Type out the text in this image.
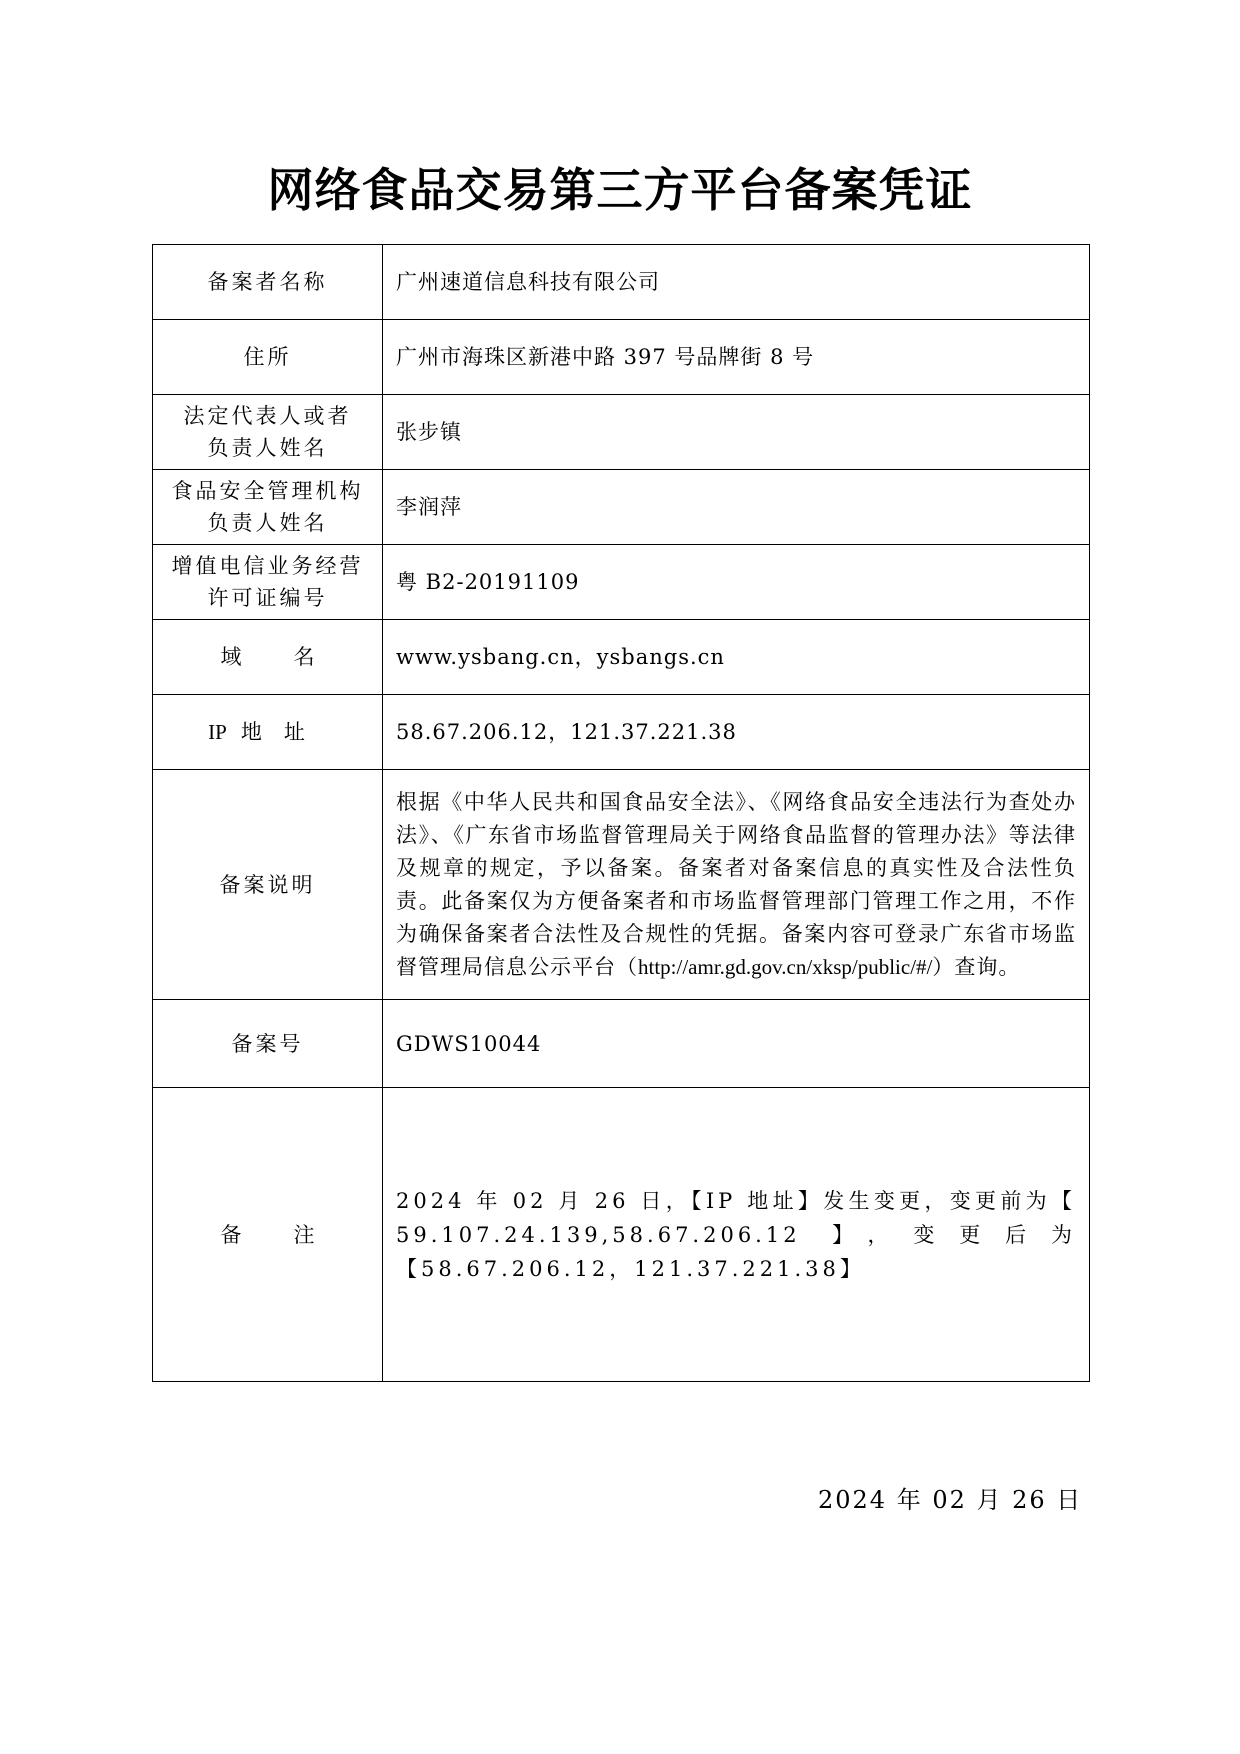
网络食品交易第三方平台备案凭证
备案者名称	广州速道信息科技有限公司
住所	广州市海珠区新港中路 397 号品牌街 8 号

法定代表人或者
负责人姓名	张步镇

食品安全管理机构
负责人姓名	李润萍

增值电信业务经营
许可证编号	粤 B2-20191109
域名	www.ysbang.cn，ysbangs.cn
IP 地址	58.67.206.12，121.37.221.38
备案说明	根据《中华人民共和国食品安全法》、《网络食品安全违法行为查处办法》、《广东省市场监督管理局关于网络食品监督的管理办法》等法律及规章的规定，予以备案。备案者对备案信息的真实性及合法性负责。此备案仅为方便备案者和市场监督管理部门管理工作之用，不作为确保备案者合法性及合规性的凭据。备案内容可登录广东省市场监督管理局信息公示平台（http://amr.gd.gov.cn/xksp/public/#/）查询。

备案号	GDWS10044
备注	2024 年 02 月 26 日，【IP 地址】发生变更，变更前为【 59.107.24.139,58.67.206.12 】，变更后为【58.67.206.12，121.37.221.38】
2024 年 02 月 26 日
